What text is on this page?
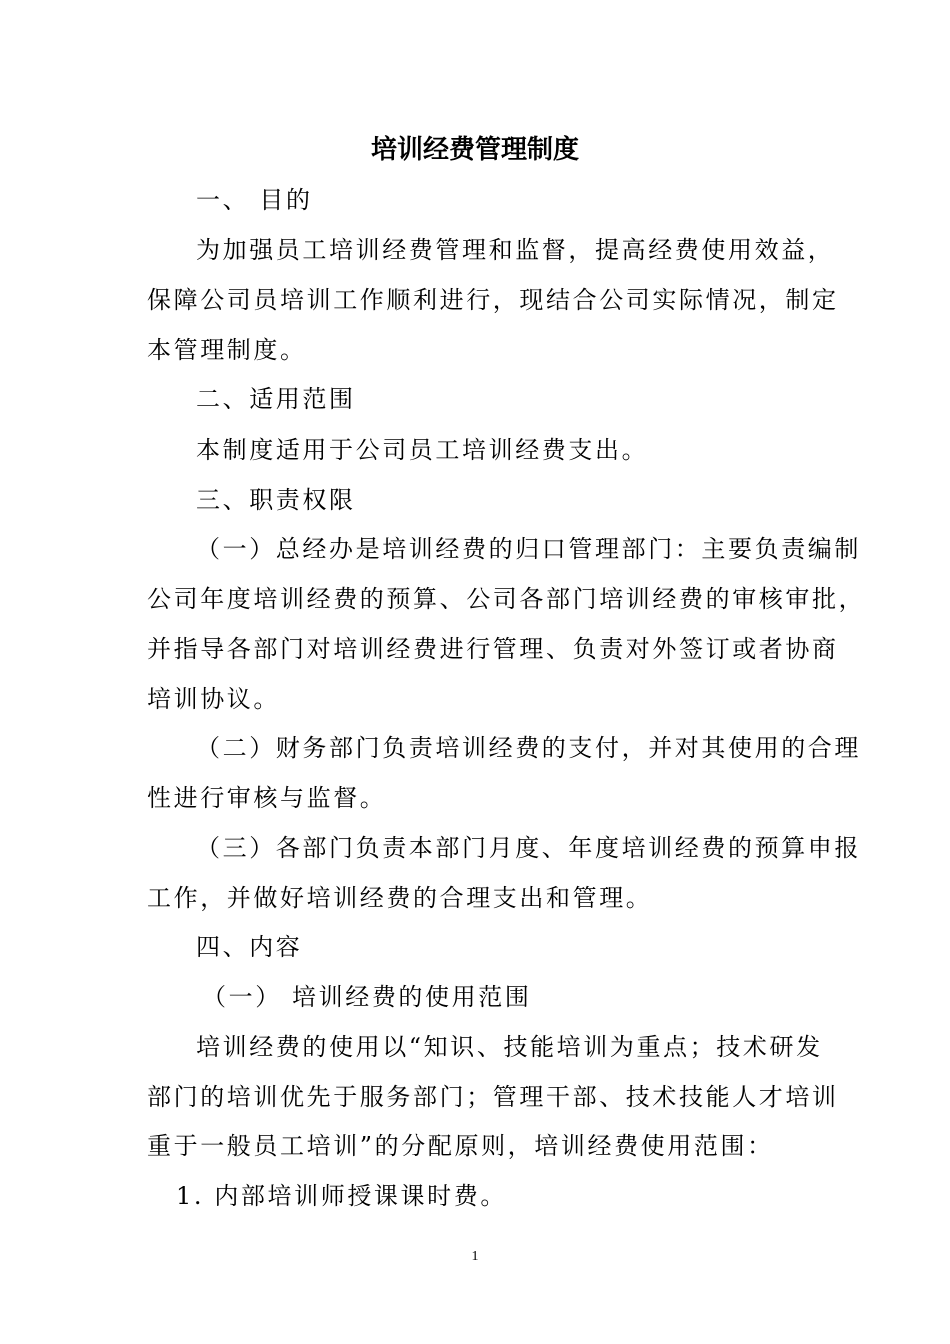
培训经费管理制度
一、 目的
为加强员工培训经费管理和监督，提高经费使用效益，
保障公司员培训工作顺利进行，现结合公司实际情况，制定
本管理制度。
二、适用范围
本制度适用于公司员工培训经费支出。
三、职责权限
（一）总经办是培训经费的归口管理部门：主要负责编制
公司年度培训经费的预算、公司各部门培训经费的审核审批，
并指导各部门对培训经费进行管理、负责对外签订或者协商
培训协议。
（二）财务部门负责培训经费的支付，并对其使用的合理
性进行审核与监督。
（三）各部门负责本部门月度、年度培训经费的预算申报
工作，并做好培训经费的合理支出和管理。
四、内容
（一） 培训经费的使用范围
培训经费的使用以“知识、技能培训为重点；技术研发
部门的培训优先于服务部门；管理干部、技术技能人才培训
重于一般员工培训”的分配原则，培训经费使用范围：
1. 内部培训师授课课时费。
1
